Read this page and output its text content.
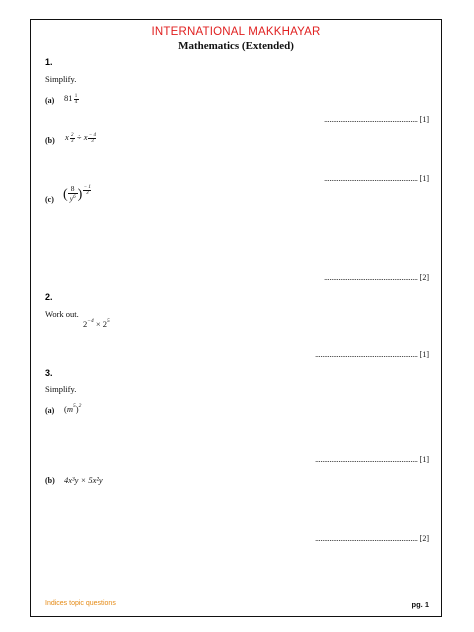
INTERNATIONAL MAKKHAYAR
Mathematics (Extended)
1.
Simplify.
(a) $81 \frac{1}{4}$
.................................................... [1]
(b) x $\frac{2}{3} \div x \frac{- 4}{3}$
.................................................... [1]
(c) ( $\frac{8}{y^6}$ ) $\frac{- 1}{3}$
.................................................... [2]
2.
Work out.
$2^{-4} \times 2^5$
......................................................... [1]
3.
Simplify.
(a) $(m^5)^2$
......................................................... [1]
(b) 4x³y × 5x²y
......................................................... [2]
Indices topic questions	pg. 1
